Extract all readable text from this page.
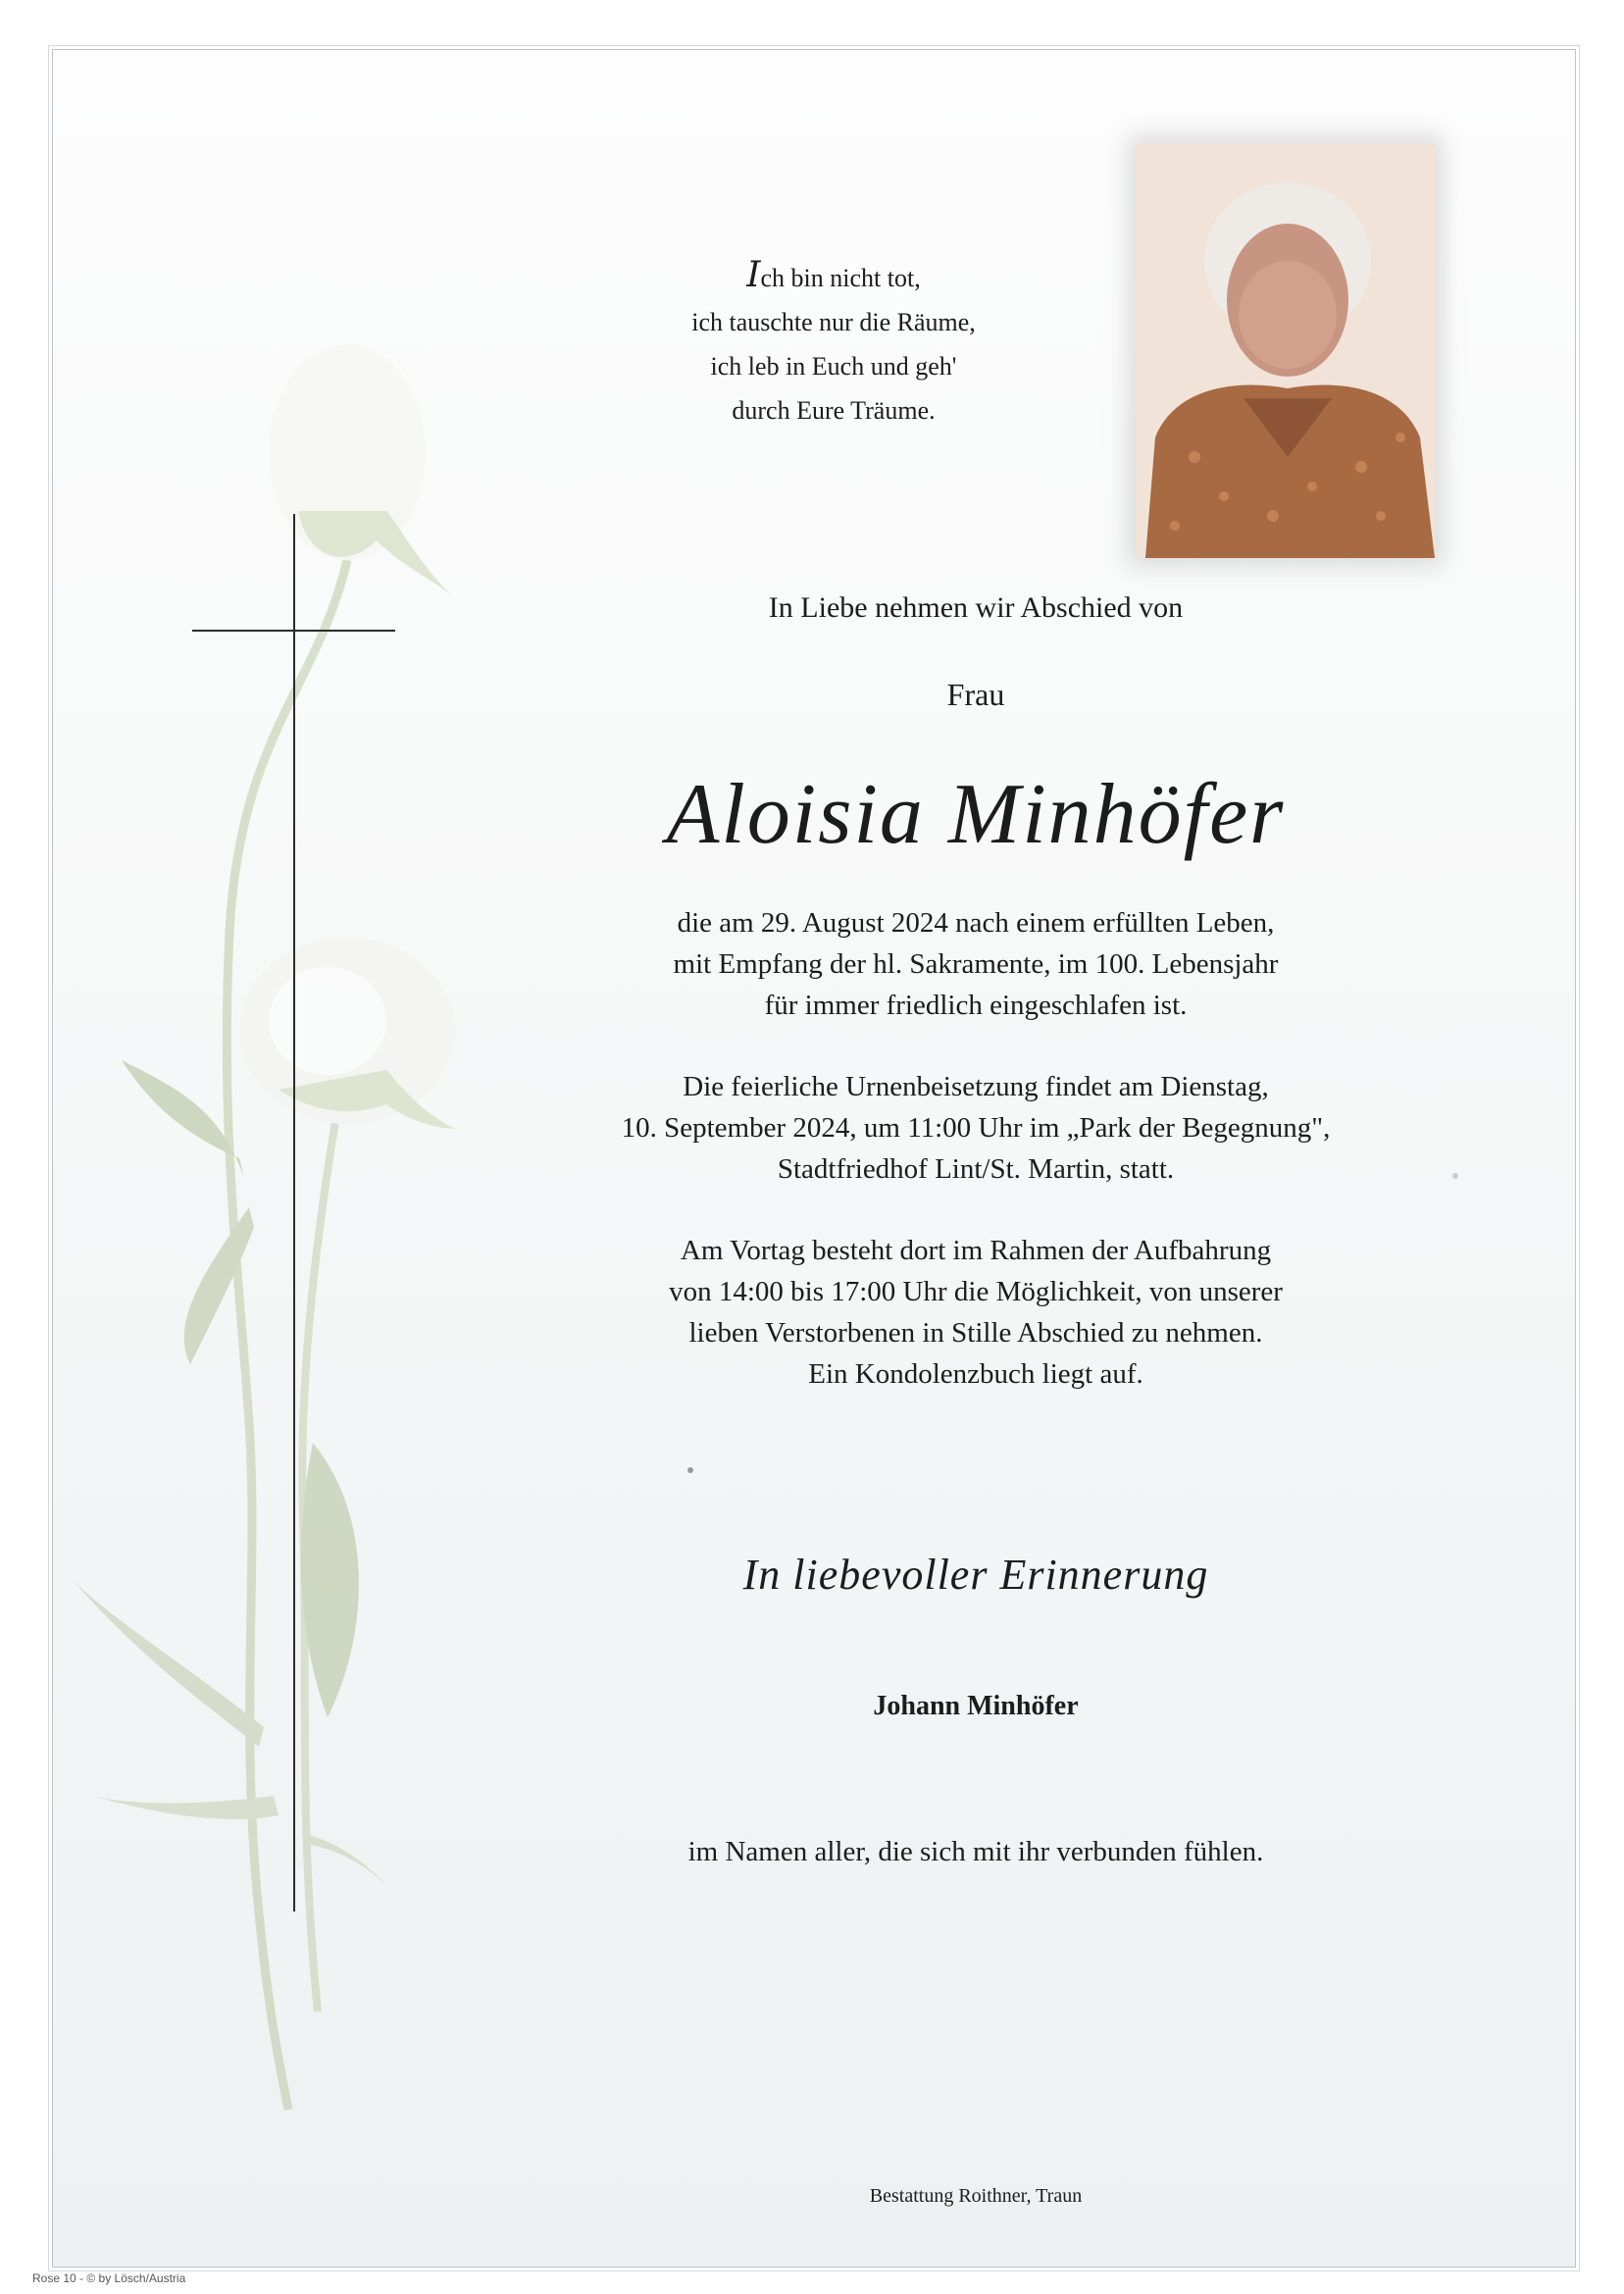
Ich bin nicht tot,
ich tauschte nur die Räume,
ich leb in Euch und geh'
durch Eure Träume.
In Liebe nehmen wir Abschied von
Frau
Aloisia Minhöfer
die am 29. August 2024 nach einem erfüllten Leben,
mit Empfang der hl. Sakramente, im 100. Lebensjahr
für immer friedlich eingeschlafen ist.
Die feierliche Urnenbeisetzung findet am Dienstag,
10. September 2024, um 11:00 Uhr im „Park der Begegnung",
Stadtfriedhof Lint/St. Martin, statt.
Am Vortag besteht dort im Rahmen der Aufbahrung
von 14:00 bis 17:00 Uhr die Möglichkeit, von unserer
lieben Verstorbenen in Stille Abschied zu nehmen.
Ein Kondolenzbuch liegt auf.
In liebevoller Erinnerung
Johann Minhöfer
im Namen aller, die sich mit ihr verbunden fühlen.
Bestattung Roithner, Traun
Rose 10 - © by Lösch/Austria
